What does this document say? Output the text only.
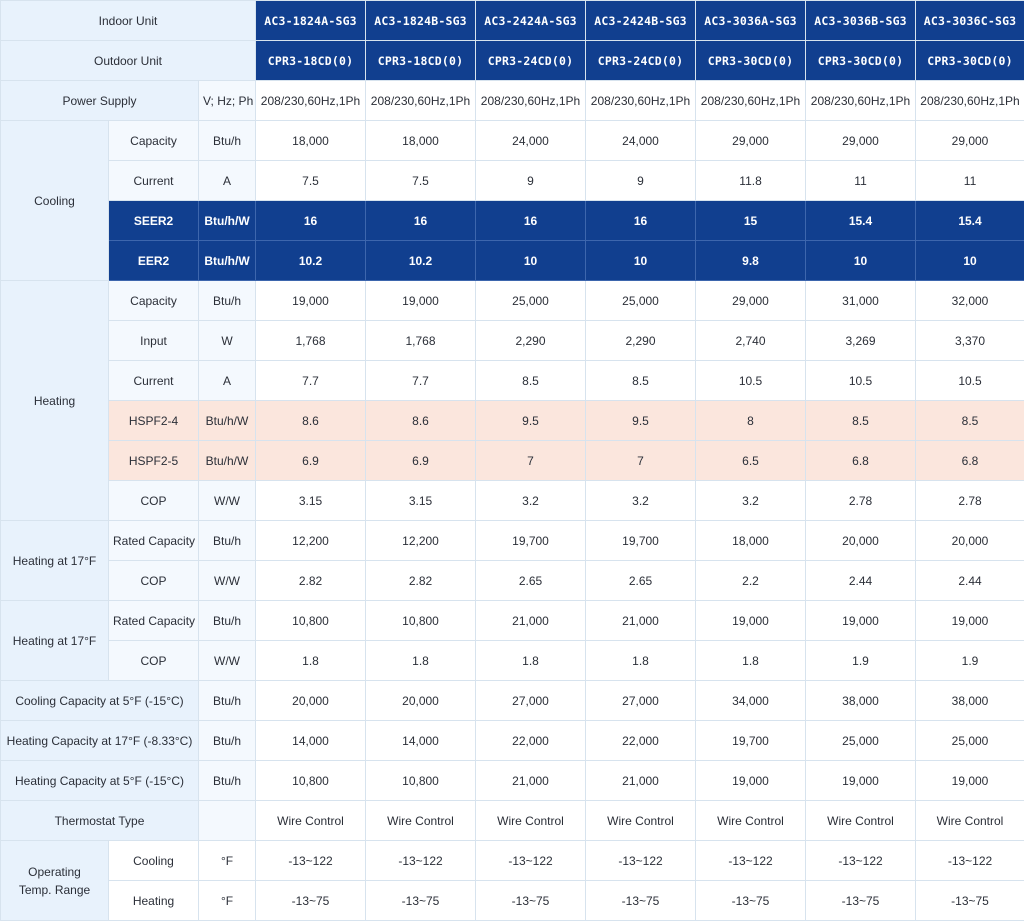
Indoor Unit			AC3-1824A-SG3	AC3-1824B-SG3	AC3-2424A-SG3	AC3-2424B-SG3	AC3-3036A-SG3	AC3-3036B-SG3	AC3-3036C-SG3
Outdoor Unit			CPR3-18CD(0)	CPR3-18CD(0)	CPR3-24CD(0)	CPR3-24CD(0)	CPR3-30CD(0)	CPR3-30CD(0)	CPR3-30CD(0)
Power Supply		V; Hz; Ph	208/230,60Hz,1Ph	208/230,60Hz,1Ph	208/230,60Hz,1Ph	208/230,60Hz,1Ph	208/230,60Hz,1Ph	208/230,60Hz,1Ph	208/230,60Hz,1Ph
Cooling	Capacity	Btu/h	18,000	18,000	24,000	24,000	29,000	29,000	29,000
	Current	A	7.5	7.5	9	9	11.8	11	11
	SEER2	Btu/h/W	16	16	16	16	15	15.4	15.4
	EER2	Btu/h/W	10.2	10.2	10	10	9.8	10	10
Heating	Capacity	Btu/h	19,000	19,000	25,000	25,000	29,000	31,000	32,000
	Input	W	1,768	1,768	2,290	2,290	2,740	3,269	3,370
	Current	A	7.7	7.7	8.5	8.5	10.5	10.5	10.5
	HSPF2-4	Btu/h/W	8.6	8.6	9.5	9.5	8	8.5	8.5
	HSPF2-5	Btu/h/W	6.9	6.9	7	7	6.5	6.8	6.8
	COP	W/W	3.15	3.15	3.2	3.2	3.2	2.78	2.78
Heating at 17°F	Rated Capacity	Btu/h	12,200	12,200	19,700	19,700	18,000	20,000	20,000
	COP	W/W	2.82	2.82	2.65	2.65	2.2	2.44	2.44
Heating at 17°F	Rated Capacity	Btu/h	10,800	10,800	21,000	21,000	19,000	19,000	19,000
	COP	W/W	1.8	1.8	1.8	1.8	1.8	1.9	1.9
Cooling Capacity at 5°F (-15°C)		Btu/h	20,000	20,000	27,000	27,000	34,000	38,000	38,000
Heating Capacity at 17°F (-8.33°C)		Btu/h	14,000	14,000	22,000	22,000	19,700	25,000	25,000
Heating Capacity at 5°F (-15°C)		Btu/h	10,800	10,800	21,000	21,000	19,000	19,000	19,000
Thermostat Type			Wire Control	Wire Control	Wire Control	Wire Control	Wire Control	Wire Control	Wire Control

Operating
Temp. Range	Cooling	°F	-13~122	-13~122	-13~122	-13~122	-13~122	-13~122	-13~122
	Heating	°F	-13~75	-13~75	-13~75	-13~75	-13~75	-13~75	-13~75
